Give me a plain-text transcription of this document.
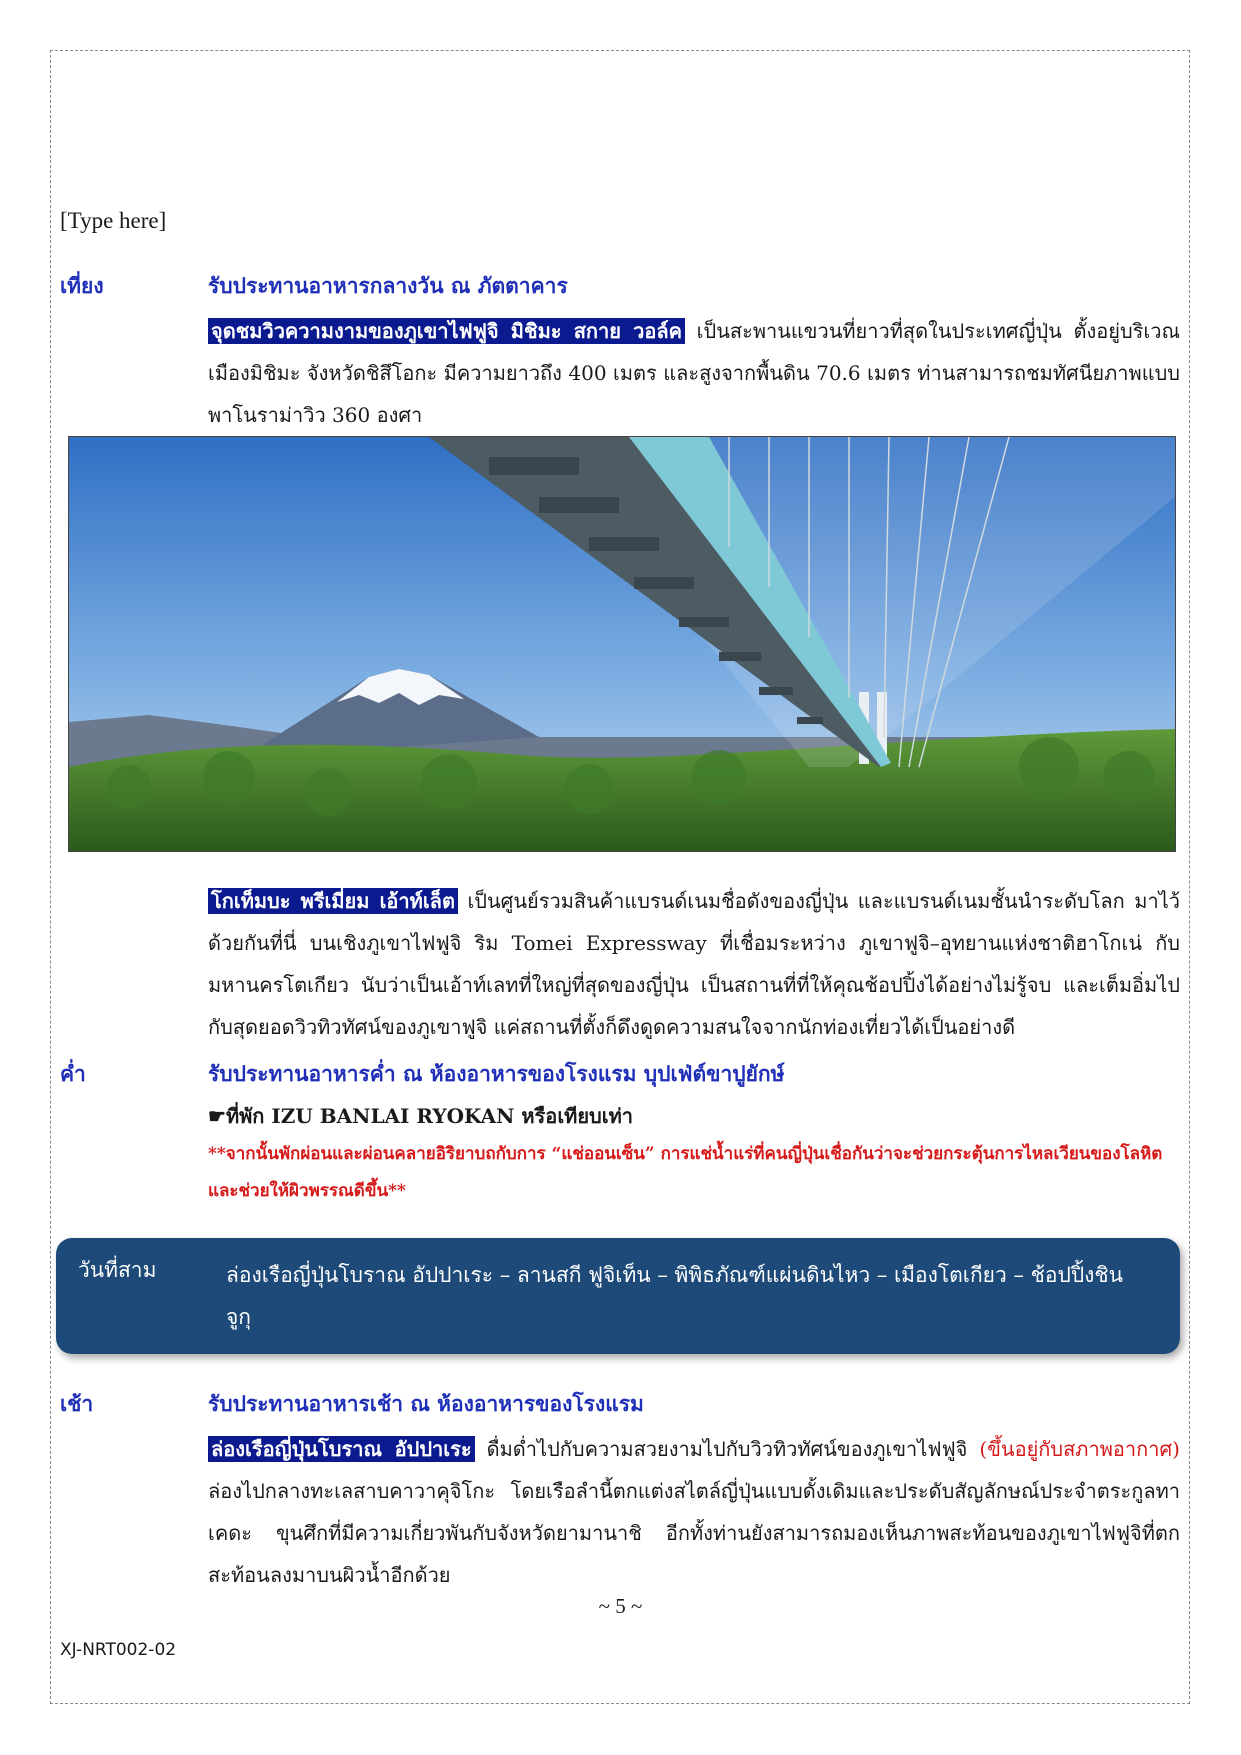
[Type here]
เที่ยง	รับประทานอาหารกลางวัน ณ ภัตตาคาร
จุดชมวิวความงามของภูเขาไฟฟูจิ มิชิมะ สกาย วอล์ค เป็นสะพานแขวนที่ยาวที่สุดในประเทศญี่ปุ่น ตั้งอยู่บริเวณเมืองมิชิมะ จังหวัดชิสึโอกะ มีความยาวถึง 400 เมตร และสูงจากพื้นดิน 70.6 เมตร ท่านสามารถชมทัศนียภาพแบบพาโนราม่าวิว 360 องศา
โกเท็มบะ พรีเมี่ยม เอ้าท์เล็ต เป็นศูนย์รวมสินค้าแบรนด์เนมชื่อดังของญี่ปุ่น และแบรนด์เนมชั้นนำระดับโลก มาไว้ด้วยกันที่นี่ บนเชิงภูเขาไฟฟูจิ ริม Tomei Expressway ที่เชื่อมระหว่าง ภูเขาฟูจิ–อุทยานแห่งชาติฮาโกเน่ กับมหานครโตเกียว นับว่าเป็นเอ้าท์เลทที่ใหญ่ที่สุดของญี่ปุ่น เป็นสถานที่ที่ให้คุณช้อปปิ้งได้อย่างไม่รู้จบ และเต็มอิ่มไปกับสุดยอดวิวทิวทัศน์ของภูเขาฟูจิ แค่สถานที่ตั้งก็ดึงดูดความสนใจจากนักท่องเที่ยวได้เป็นอย่างดี
ค่ำ	รับประทานอาหารค่ำ ณ ห้องอาหารของโรงแรม บุปเฟ่ต์ขาปูยักษ์
☛ที่พัก IZU BANLAI RYOKAN หรือเทียบเท่า
**จากนั้นพักผ่อนและผ่อนคลายอิริยาบถกับการ “แช่ออนเซ็น” การแช่น้ำแร่ที่คนญี่ปุ่นเชื่อกันว่าจะช่วยกระตุ้นการไหลเวียนของโลหิตและช่วยให้ผิวพรรณดีขึ้น**
วันที่สาม	ล่องเรือญี่ปุ่นโบราณ อัปปาเระ – ลานสกี ฟูจิเท็น – พิพิธภัณฑ์แผ่นดินไหว – เมืองโตเกียว – ช้อปปิ้งชินจูกุ
เช้า	รับประทานอาหารเช้า ณ ห้องอาหารของโรงแรม
ล่องเรือญี่ปุ่นโบราณ อัปปาเระ ดื่มด่ำไปกับความสวยงามไปกับวิวทิวทัศน์ของภูเขาไฟฟูจิ (ขึ้นอยู่กับสภาพอากาศ) ล่องไปกลางทะเลสาบคาวาคุจิโกะ โดยเรือลำนี้ตกแต่งสไตล์ญี่ปุ่นแบบดั้งเดิมและประดับสัญลักษณ์ประจำตระกูลทาเคดะ ขุนศึกที่มีความเกี่ยวพันกับจังหวัดยามานาชิ อีกทั้งท่านยังสามารถมองเห็นภาพสะท้อนของภูเขาไฟฟูจิที่ตกสะท้อนลงมาบนผิวน้ำอีกด้วย
~ 5 ~
XJ-NRT002-02
